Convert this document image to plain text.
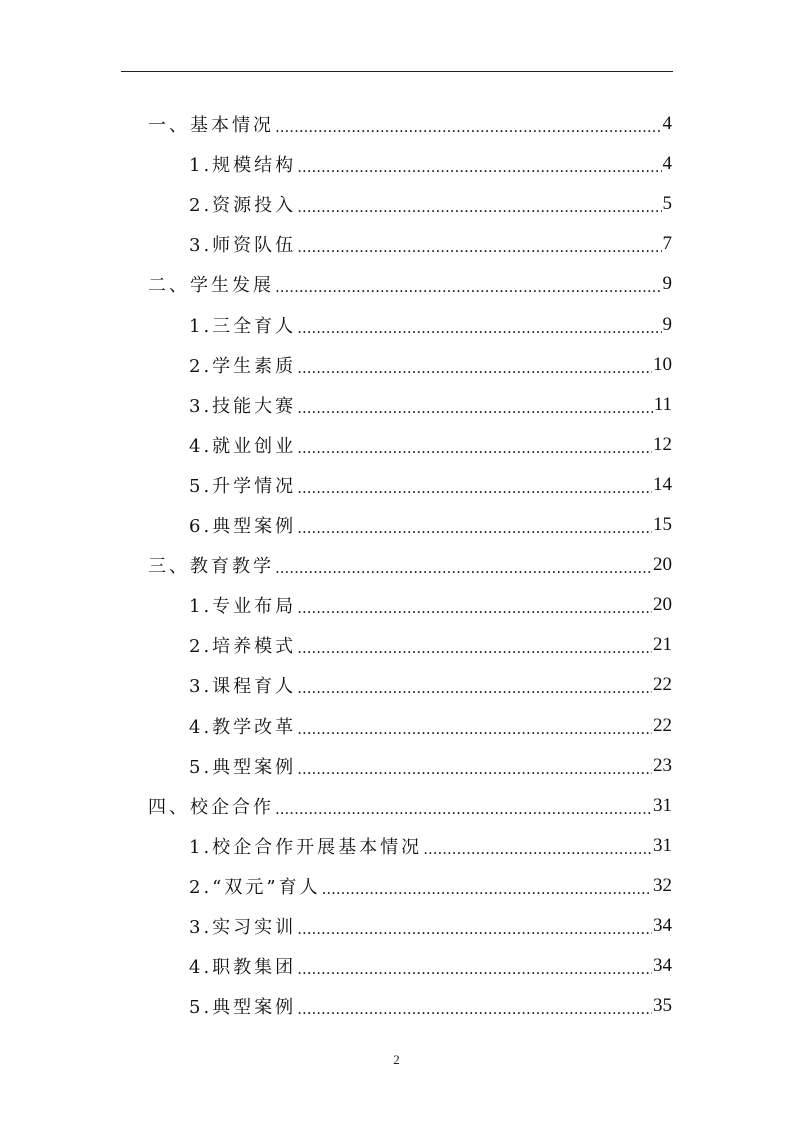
一、基本情况 .....	4
1.规模结构 .....	4
2.资源投入 .....	5
3.师资队伍 .....	7
二、学生发展 .....	9
1.三全育人 .....	9
2.学生素质 .....	10
3.技能大赛 .....	11
4.就业创业 .....	12
5.升学情况 .....	14
6.典型案例 .....	15
三、教育教学 .....	20
1.专业布局 .....	20
2.培养模式 .....	21
3.课程育人 .....	22
4.教学改革 .....	22
5.典型案例 .....	23
四、校企合作 .....	31
1.校企合作开展基本情况 .....	31
2.“双元”育人 .....	32
3.实习实训 .....	34
4.职教集团 .....	34
5.典型案例 .....	35
2
